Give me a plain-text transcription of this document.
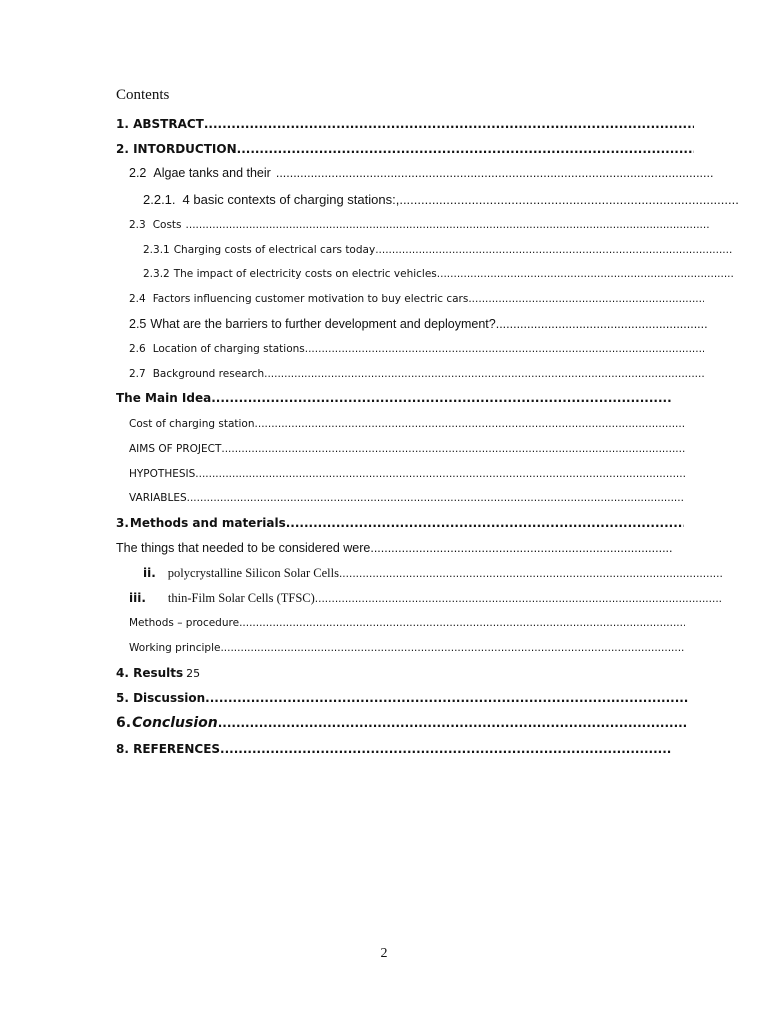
Contents
1. ABSTRACT
.....
2. INTORDUCTION
.....
2.2 Algae tanks and their
.....
2.2.1. 4 basic contexts of charging stations:,
.....
2.3 Costs
.....
2.3.1 Charging costs of electrical cars today
.....
2.3.2 The impact of electricity costs on electric vehicles
.....
2.4 Factors influencing customer motivation to buy electric cars
.....
2.5 What are the barriers to further development and deployment?
.....
2.6 Location of charging stations
.....
2.7 Background research
.....
The Main Idea
.....
Cost of charging station
.....
AIMS OF PROJECT
.....
HYPOTHESIS
.....
VARIABLES
.....
3. Methods and materials
.....
The things that needed to be considered were
.....
ii. polycrystalline Silicon Solar Cells
.....
iii. thin-Film Solar Cells (TFSC)
.....
Methods – procedure
.....
Working principle
.....
4. Results 25
5. Discussion
.....
6. Conclusion
.....
8. REFERENCES
.....
2
